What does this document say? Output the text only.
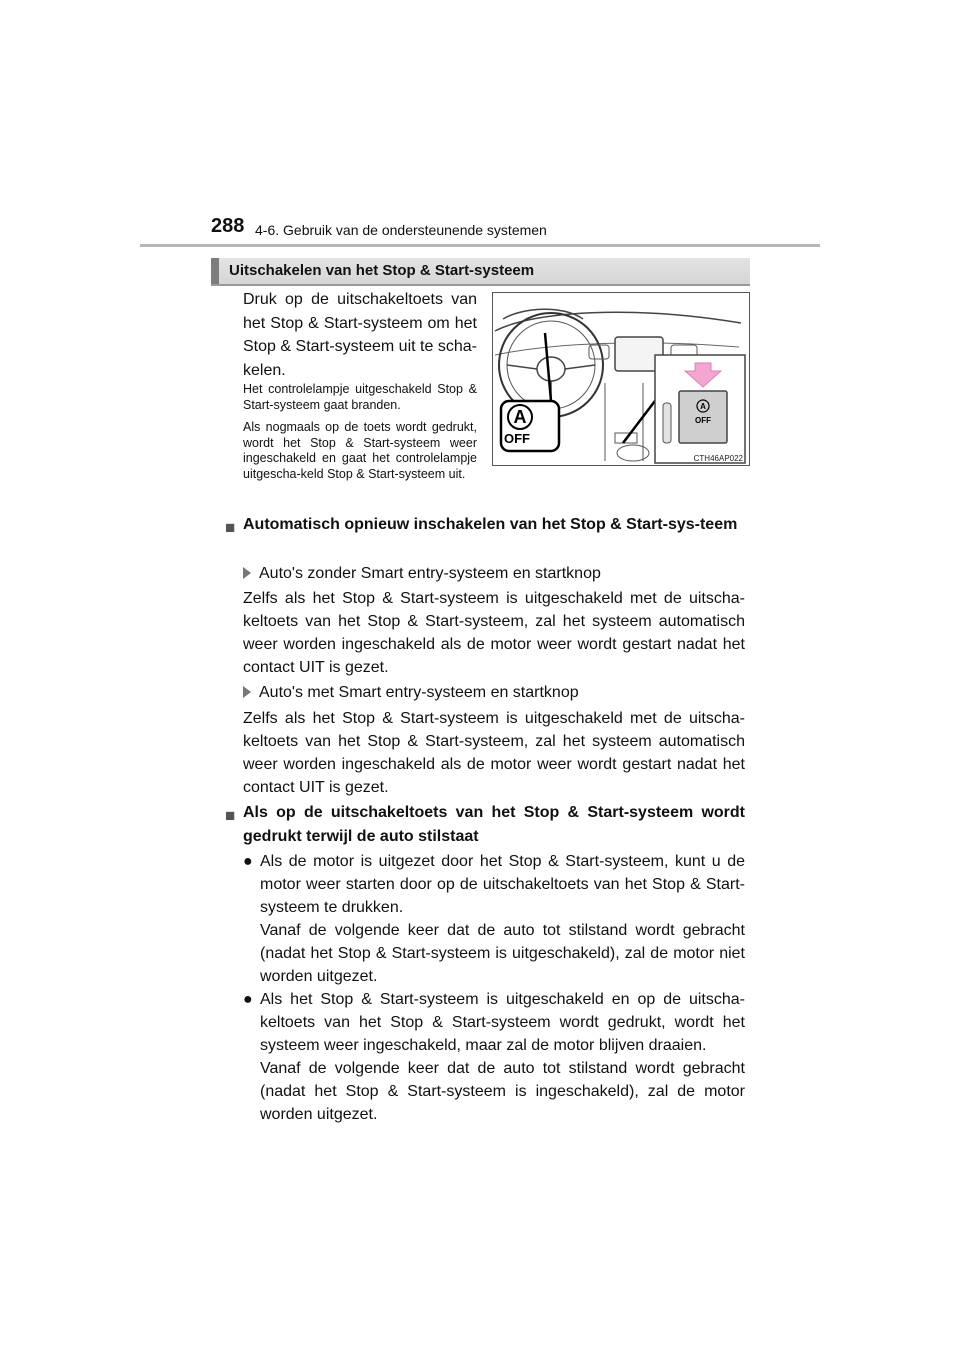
288 4-6. Gebruik van de ondersteunende systemen
Uitschakelen van het Stop & Start-systeem
Druk op de uitschakeltoets van het Stop & Start-systeem om het Stop & Start-systeem uit te scha-kelen.
Het controlelampje uitgeschakeld Stop & Start-systeem gaat branden.
Als nogmaals op de toets wordt gedrukt, wordt het Stop & Start-systeem weer ingeschakeld en gaat het controlelampje uitgescha-keld Stop & Start-systeem uit.
A
OFF
A
OFF
CTH46AP022
■ Automatisch opnieuw inschakelen van het Stop & Start-sys-teem
Auto's zonder Smart entry-systeem en startknop
Zelfs als het Stop & Start-systeem is uitgeschakeld met de uitscha-keltoets van het Stop & Start-systeem, zal het systeem automatisch weer worden ingeschakeld als de motor weer wordt gestart nadat het contact UIT is gezet.
Auto's met Smart entry-systeem en startknop
Zelfs als het Stop & Start-systeem is uitgeschakeld met de uitscha-keltoets van het Stop & Start-systeem, zal het systeem automatisch weer worden ingeschakeld als de motor weer wordt gestart nadat het contact UIT is gezet.
■ Als op de uitschakeltoets van het Stop & Start-systeem wordt gedrukt terwijl de auto stilstaat
● Als de motor is uitgezet door het Stop & Start-systeem, kunt u de motor weer starten door op de uitschakeltoets van het Stop & Start-systeem te drukken.
Vanaf de volgende keer dat de auto tot stilstand wordt gebracht (nadat het Stop & Start-systeem is uitgeschakeld), zal de motor niet worden uitgezet.
● Als het Stop & Start-systeem is uitgeschakeld en op de uitscha-keltoets van het Stop & Start-systeem wordt gedrukt, wordt het systeem weer ingeschakeld, maar zal de motor blijven draaien.
Vanaf de volgende keer dat de auto tot stilstand wordt gebracht (nadat het Stop & Start-systeem is ingeschakeld), zal de motor worden uitgezet.
